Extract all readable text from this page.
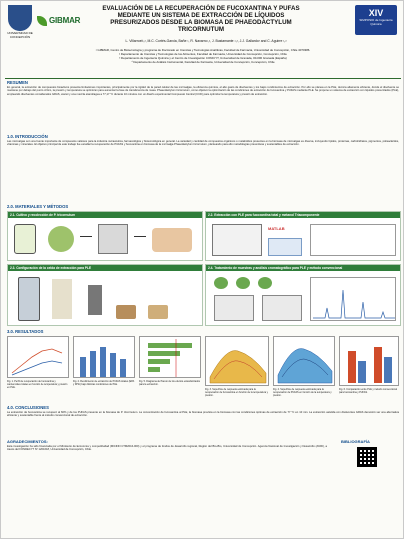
UNIVERSIDAD DE CONCEPCIÓN
GIBMAR
XIV
SIMPOSIO de Ingeniería Química
EVALUACIÓN DE LA RECUPERACIÓN DE FUCOXANTINA Y PUFAS
MEDIANTE UN SISTEMA DE EXTRACCIÓN DE LÍQUIDOS
PRESURIZADOS DESDE LA BIOMASA DE PHAEODACTYLUM
TRICORNUTUM
L. Villarroel¹,², M.C. Cortés-Garcia, Bañe ¹, R. Navarro¹,², J. Bustamante ¹,², J.J. Gallardo³ and C. Aguirre ¹,²
¹ GIBMAR, Centro de Biotecnología y programa de Doctorado en Ciencias y Tecnologías Analíticas, Facultad de Farmacia, Universidad de Concepción, Chile 4070386.
² Departamento de Ciencias y Tecnologías de los Alimentos, Facultad de Farmacia, Universidad de Concepción, Concepción, Chile
³ Departamento de Ingeniería Química y el Centro de Investigación CONICYT, Universidad de Granada, 00-000 Granada (España)
⁴ Departamento de Análisis Instrumental, Facultad de Farmacia, Universidad de Concepción, Concepción, Chile
RESUMEN
En general, la extracción de compuestos bioactivos presenta limitaciones importantes, principalmente por la rigidez de la pared celular de las microalgas, la eficiencia química, el alto gasto de disolventes y los bajos rendimientos de extracción. Por ello se planea en la PLE, técnica altamente eficiente, donde el disolvente se mantiene por debajo del punto crítico, la presión y temperatura se optimizan para aumentar la fase de transferencia de masa. Phaeodactylum tricornutum, como objetivo la optimización de las condiciones de extracción de fucoxantina y PUFAS mediante PLE. Se propone un sistema de extracción con líquidos presurizados (PLE), empleando disolventes considerados GRAS, etanol y una mezcla etanol/agua a 77,17 °C durante 10 minutos con un diseño experimental Compuesto Central (CCD) para optimizar la temperatura y presión de extracción.
1.0. INTRODUCCIÓN
Las microalgas son una fuente importante de compuestos valiosos para la industria nutracéutica, farmacológica y biotecnológica en general. La variedad y cantidad de compuestos orgánicos o metabolitos presentes en la biomasa de microalgas es diversa, incluyendo lípidos, proteínas, carbohidratos, pigmentos, polisacáridos, vitaminas y minerales. El objetivo principal de este trabajo fue estudiar la recuperación de PUFAS y fucoxantina en biomasa de la microalga Phaeodactylum tricornutum, planteando para ello metodologías preventivas y sustentables de extracción.
2.0. MATERIALES Y MÉTODOS
2.1. Cultivo y recolección de P. tricornutum	2.2. Extracción con PLE para fucoxantina total y metanol Triacomponente
MATLAB
2.3. Configuración de la celda de extracción para PLE	2.4. Tratamiento de muestras y análisis cromatográfico para PLE y método convencional
3.0. RESULTADOS
Fig. 1. Perfil de recuperación de fucoxantina y carotenoides totales en función de temperatura y presión en PLE.
Fig. 2. Rendimiento de extracción de PUFAS totales (EPA y DHA) bajo distintas condiciones de PLE.
Fig. 5. Diagrama de Pareto de los efectos estandarizados para la extracción.
Fig. 3. Superficie de respuesta estimada para la recuperación de fucoxantina en función de la temperatura y presión.
Fig. 4. Superficie de respuesta estimada para la recuperación de PUFAS en función de la temperatura y presión.
Fig. 6. Comparación entre PLE y método convencional para fucoxantina y PUFAS.
4.0. CONCLUSIONES
La extracción de fucoxantina se recuperó al 60% y de los PUFAS presente en la biomasa de P. tricornutum. La concentración de fucoxantina al PLE, la biomasa prevista en la biomasa con las condiciones óptimas de extracción de 77 °C en 10 min. La extracción asistida con disolventes GRAS demostró ser una alternativa eficiente y sustentable frente al método convencional de extracción.
AGRADECIMIENTOS:
Esta investigación ha sido financiada por el Ministerio de Economía y competitividad (MICINN CTM2016-000) y el programa de fondos de desarrollo regional, Región del Bío-Bío, Universidad de Concepción. Agencia Nacional de Investigación y Desarrollo (ANID), a través del FONDECYT Nº 1201618, Universidad de Concepción, Chile.
BIBLIOGRAFÍA
